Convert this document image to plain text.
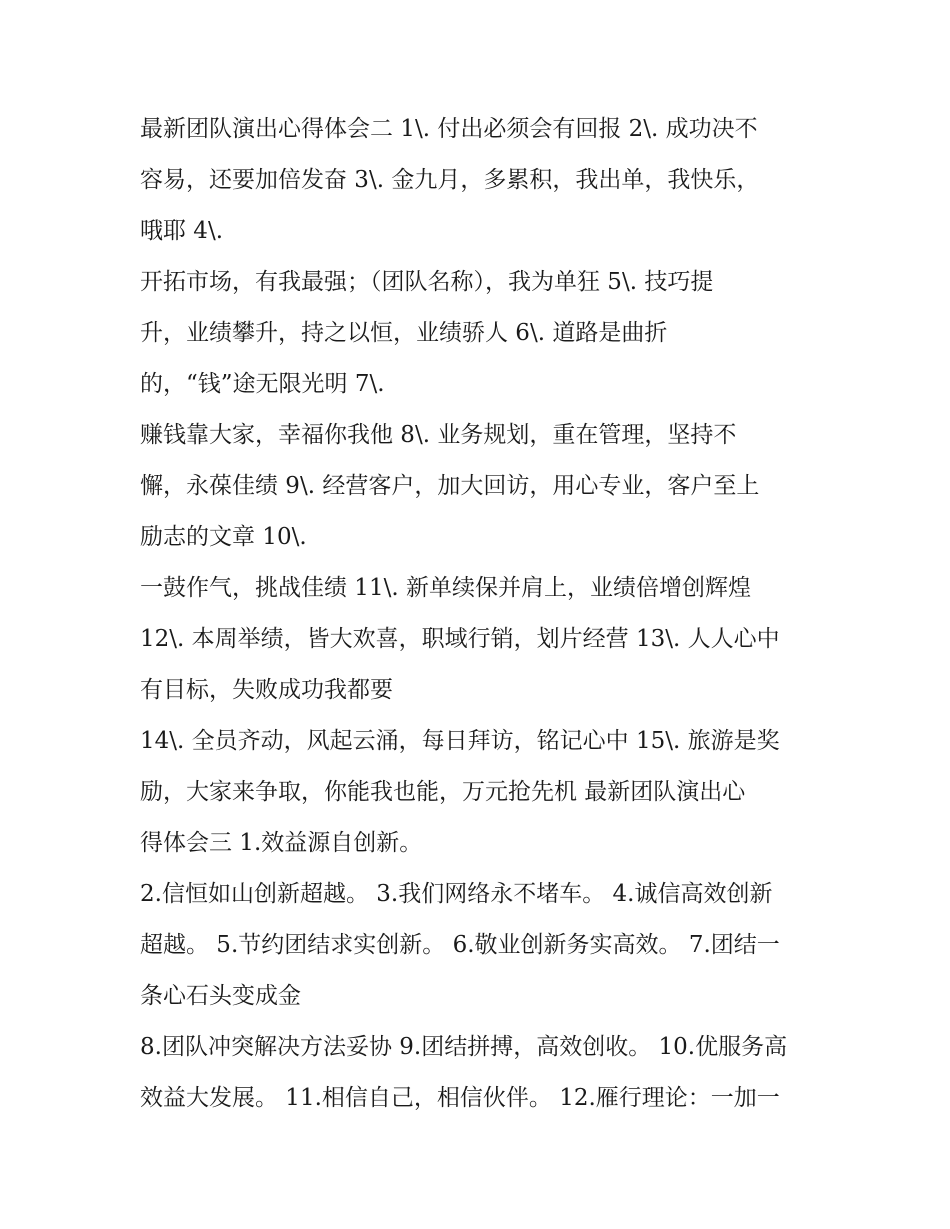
最新团队演出心得体会二 1\. 付出必须会有回报 2\. 成功决不
容易，还要加倍发奋 3\. 金九月，多累积，我出单，我快乐，
哦耶 4\.
开拓市场，有我最强；（团队名称），我为单狂 5\. 技巧提
升，业绩攀升，持之以恒，业绩骄人 6\. 道路是曲折
的，“钱”途无限光明 7\.
赚钱靠大家，幸福你我他 8\. 业务规划，重在管理，坚持不
懈，永葆佳绩 9\. 经营客户，加大回访，用心专业，客户至上
励志的文章 10\.
一鼓作气，挑战佳绩 11\. 新单续保并肩上，业绩倍增创辉煌
12\. 本周举绩，皆大欢喜，职域行销，划片经营 13\. 人人心中
有目标，失败成功我都要
14\. 全员齐动，风起云涌，每日拜访，铭记心中 15\. 旅游是奖
励，大家来争取，你能我也能，万元抢先机 最新团队演出心
得体会三 1.效益源自创新。
2.信恒如山创新超越。 3.我们网络永不堵车。 4.诚信高效创新
超越。 5.节约团结求实创新。 6.敬业创新务实高效。 7.团结一
条心石头变成金
8.团队冲突解决方法妥协 9.团结拼搏，高效创收。 10.优服务高
效益大发展。 11.相信自己，相信伙伴。 12.雁行理论：一加一
